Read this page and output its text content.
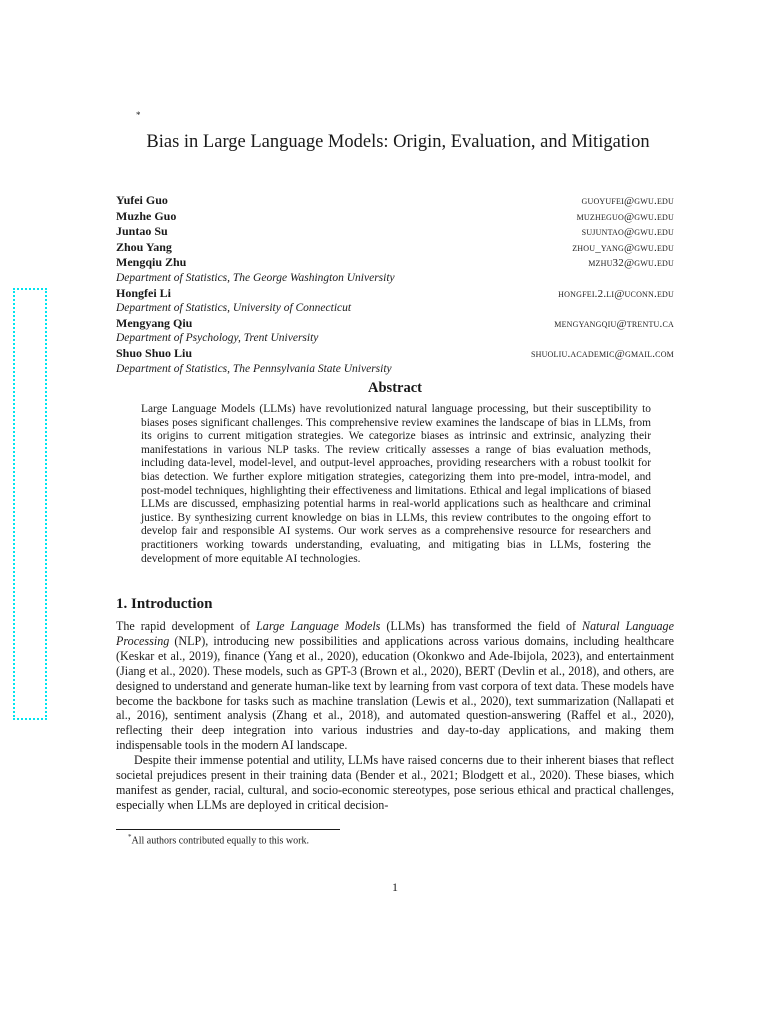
*
Bias in Large Language Models: Origin, Evaluation, and Mitigation
Yufei Guo	guoyufei@gwu.edu
Muzhe Guo	muzheguo@gwu.edu
Juntao Su	sujuntao@gwu.edu
Zhou Yang	zhou_yang@gwu.edu
Mengqiu Zhu	mzhu32@gwu.edu
Department of Statistics, The George Washington University
Hongfei Li	hongfei.2.li@uconn.edu
Department of Statistics, University of Connecticut
Mengyang Qiu	mengyangqiu@trentu.ca
Department of Psychology, Trent University
Shuo Shuo Liu	shuoliu.academic@gmail.com
Department of Statistics, The Pennsylvania State University
Abstract
Large Language Models (LLMs) have revolutionized natural language processing, but their susceptibility to biases poses significant challenges. This comprehensive review examines the landscape of bias in LLMs, from its origins to current mitigation strategies. We categorize biases as intrinsic and extrinsic, analyzing their manifestations in various NLP tasks. The review critically assesses a range of bias evaluation methods, including data-level, model-level, and output-level approaches, providing researchers with a robust toolkit for bias detection. We further explore mitigation strategies, categorizing them into pre-model, intra-model, and post-model techniques, highlighting their effectiveness and limitations. Ethical and legal implications of biased LLMs are discussed, emphasizing potential harms in real-world applications such as healthcare and criminal justice. By synthesizing current knowledge on bias in LLMs, this review contributes to the ongoing effort to develop fair and responsible AI systems. Our work serves as a comprehensive resource for researchers and practitioners working towards understanding, evaluating, and mitigating bias in LLMs, fostering the development of more equitable AI technologies.
1. Introduction

The rapid development of Large Language Models (LLMs) has transformed the field of Natural Language Processing (NLP), introducing new possibilities and applications across various domains, including healthcare (Keskar et al., 2019), finance (Yang et al., 2020), education (Okonkwo and Ade-Ibijola, 2023), and entertainment (Jiang et al., 2020). These models, such as GPT-3 (Brown et al., 2020), BERT (Devlin et al., 2018), and others, are designed to understand and generate human-like text by learning from vast corpora of text data. These models have become the backbone for tasks such as machine translation (Lewis et al., 2020), text summarization (Nallapati et al., 2016), sentiment analysis (Zhang et al., 2018), and automated question-answering (Raffel et al., 2020), reflecting their deep integration into various industries and day-to-day applications, and making them indispensable tools in the modern AI landscape.

Despite their immense potential and utility, LLMs have raised concerns due to their inherent biases that reflect societal prejudices present in their training data (Bender et al., 2021; Blodgett et al., 2020). These biases, which manifest as gender, racial, cultural, and socio-economic stereotypes, pose serious ethical and practical challenges, especially when LLMs are deployed in critical decision-

*All authors contributed equally to this work.
1
